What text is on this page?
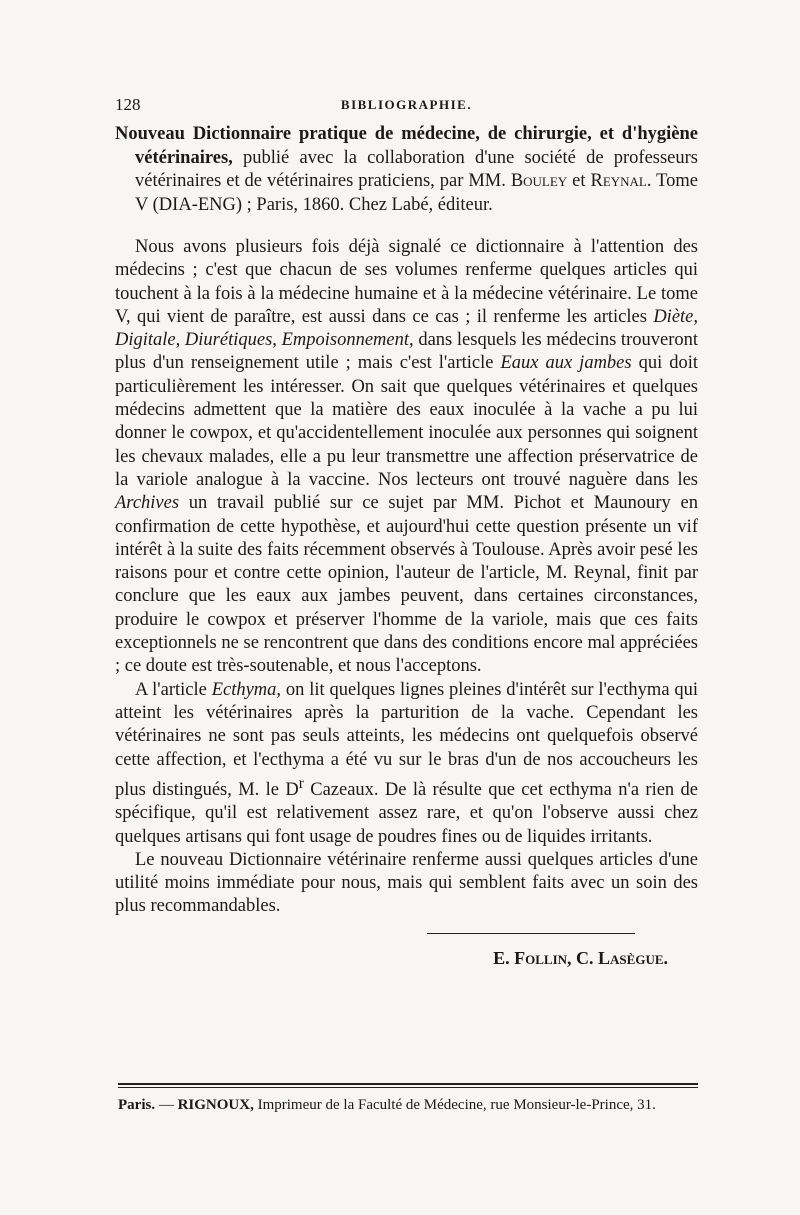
128	BIBLIOGRAPHIE.
Nouveau Dictionnaire pratique de médecine, de chirurgie, et d'hygiène vétérinaires, publié avec la collaboration d'une société de professeurs vétérinaires et de vétérinaires praticiens, par MM. Bouley et Reynal. Tome V (DIA-ENG) ; Paris, 1860. Chez Labé, éditeur.

Nous avons plusieurs fois déjà signalé ce dictionnaire à l'attention des médecins ; c'est que chacun de ses volumes renferme quelques articles qui touchent à la fois à la médecine humaine et à la médecine vétérinaire. Le tome V, qui vient de paraître, est aussi dans ce cas ; il renferme les articles Diète, Digitale, Diurétiques, Empoisonnement, dans lesquels les médecins trouveront plus d'un renseignement utile ; mais c'est l'article Eaux aux jambes qui doit particulièrement les intéresser. On sait que quelques vétérinaires et quelques médecins admettent que la matière des eaux inoculée à la vache a pu lui donner le cowpox, et qu'accidentellement inoculée aux personnes qui soignent les chevaux malades, elle a pu leur transmettre une affection préservatrice de la variole analogue à la vaccine. Nos lecteurs ont trouvé naguère dans les Archives un travail publié sur ce sujet par MM. Pichot et Maunoury en confirmation de cette hypothèse, et aujourd'hui cette question présente un vif intérêt à la suite des faits récemment observés à Toulouse. Après avoir pesé les raisons pour et contre cette opinion, l'auteur de l'article, M. Reynal, finit par conclure que les eaux aux jambes peuvent, dans certaines circonstances, produire le cowpox et préserver l'homme de la variole, mais que ces faits exceptionnels ne se rencontrent que dans des conditions encore mal appréciées ; ce doute est très-soutenable, et nous l'acceptons.

A l'article Ecthyma, on lit quelques lignes pleines d'intérêt sur l'ecthyma qui atteint les vétérinaires après la parturition de la vache. Cependant les vétérinaires ne sont pas seuls atteints, les médecins ont quelquefois observé cette affection, et l'ecthyma a été vu sur le bras d'un de nos accoucheurs les plus distingués, M. le $D^r$ Cazeaux. De là résulte que cet ecthyma n'a rien de spécifique, qu'il est relativement assez rare, et qu'on l'observe aussi chez quelques artisans qui font usage de poudres fines ou de liquides irritants.

Le nouveau Dictionnaire vétérinaire renferme aussi quelques articles d'une utilité moins immédiate pour nous, mais qui semblent faits avec un soin des plus recommandables.

E. Follin, C. Lasègue.
Paris. — RIGNOUX, Imprimeur de la Faculté de Médecine, rue Monsieur-le-Prince, 31.
